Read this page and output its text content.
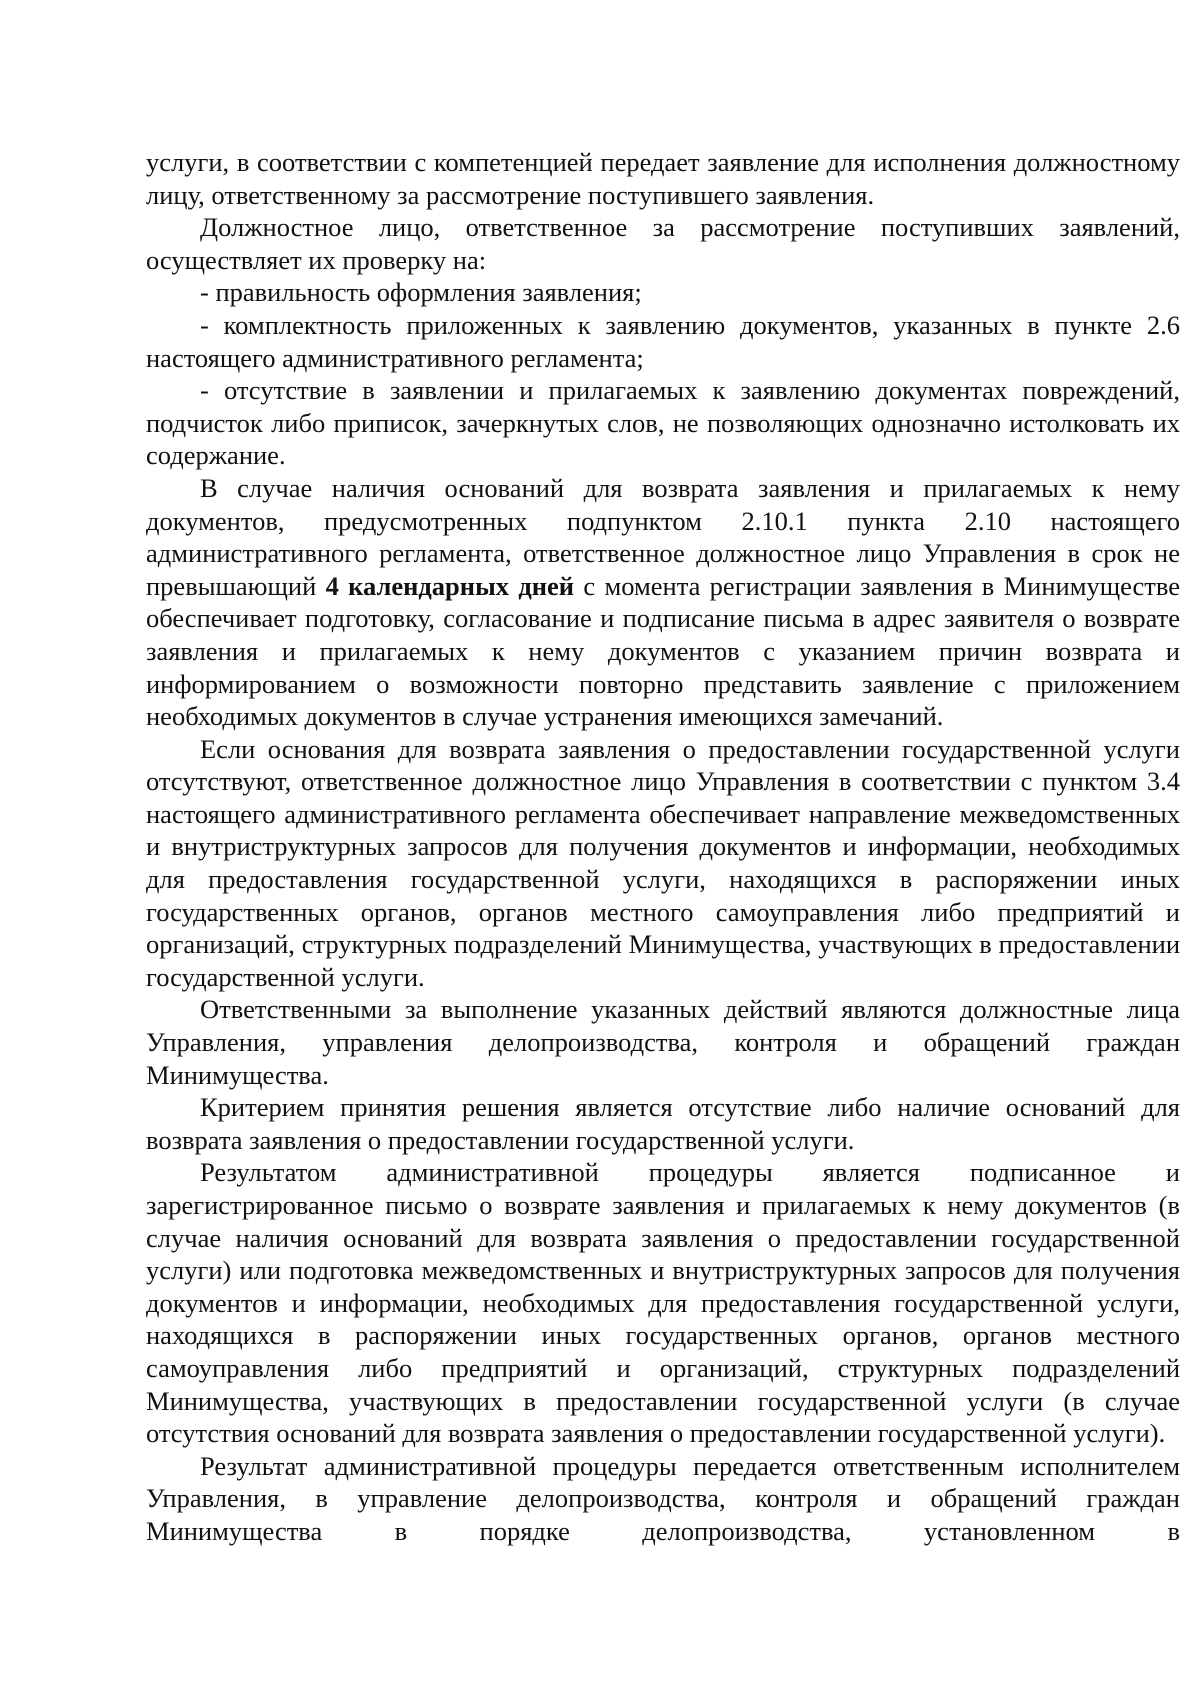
услуги, в соответствии с компетенцией передает заявление для исполнения должностному лицу, ответственному за рассмотрение поступившего заявления.

Должностное лицо, ответственное за рассмотрение поступивших заявлений, осуществляет их проверку на:

- правильность оформления заявления;

- комплектность приложенных к заявлению документов, указанных в пункте 2.6 настоящего административного регламента;

- отсутствие в заявлении и прилагаемых к заявлению документах повреждений, подчисток либо приписок, зачеркнутых слов, не позволяющих однозначно истолковать их содержание.

В случае наличия оснований для возврата заявления и прилагаемых к нему документов, предусмотренных подпунктом 2.10.1 пункта 2.10 настоящего административного регламента, ответственное должностное лицо Управления в срок не превышающий 4 календарных дней с момента регистрации заявления в Минимуществе обеспечивает подготовку, согласование и подписание письма в адрес заявителя о возврате заявления и прилагаемых к нему документов с указанием причин возврата и информированием о возможности повторно представить заявление с приложением необходимых документов в случае устранения имеющихся замечаний.

Если основания для возврата заявления о предоставлении государственной услуги отсутствуют, ответственное должностное лицо Управления в соответствии с пунктом 3.4 настоящего административного регламента обеспечивает направление межведомственных и внутриструктурных запросов для получения документов и информации, необходимых для предоставления государственной услуги, находящихся в распоряжении иных государственных органов, органов местного самоуправления либо предприятий и организаций, структурных подразделений Минимущества, участвующих в предоставлении государственной услуги.

Ответственными за выполнение указанных действий являются должностные лица Управления, управления делопроизводства, контроля и обращений граждан Минимущества.

Критерием принятия решения является отсутствие либо наличие оснований для возврата заявления о предоставлении государственной услуги.

Результатом административной процедуры является подписанное и зарегистрированное письмо о возврате заявления и прилагаемых к нему документов (в случае наличия оснований для возврата заявления о предоставлении государственной услуги) или подготовка межведомственных и внутриструктурных запросов для получения документов и информации, необходимых для предоставления государственной услуги, находящихся в распоряжении иных государственных органов, органов местного самоуправления либо предприятий и организаций, структурных подразделений Минимущества, участвующих в предоставлении государственной услуги (в случае отсутствия оснований для возврата заявления о предоставлении государственной услуги).

Результат административной процедуры передается ответственным исполнителем Управления, в управление делопроизводства, контроля и обращений граждан Минимущества в порядке делопроизводства, установленном в
